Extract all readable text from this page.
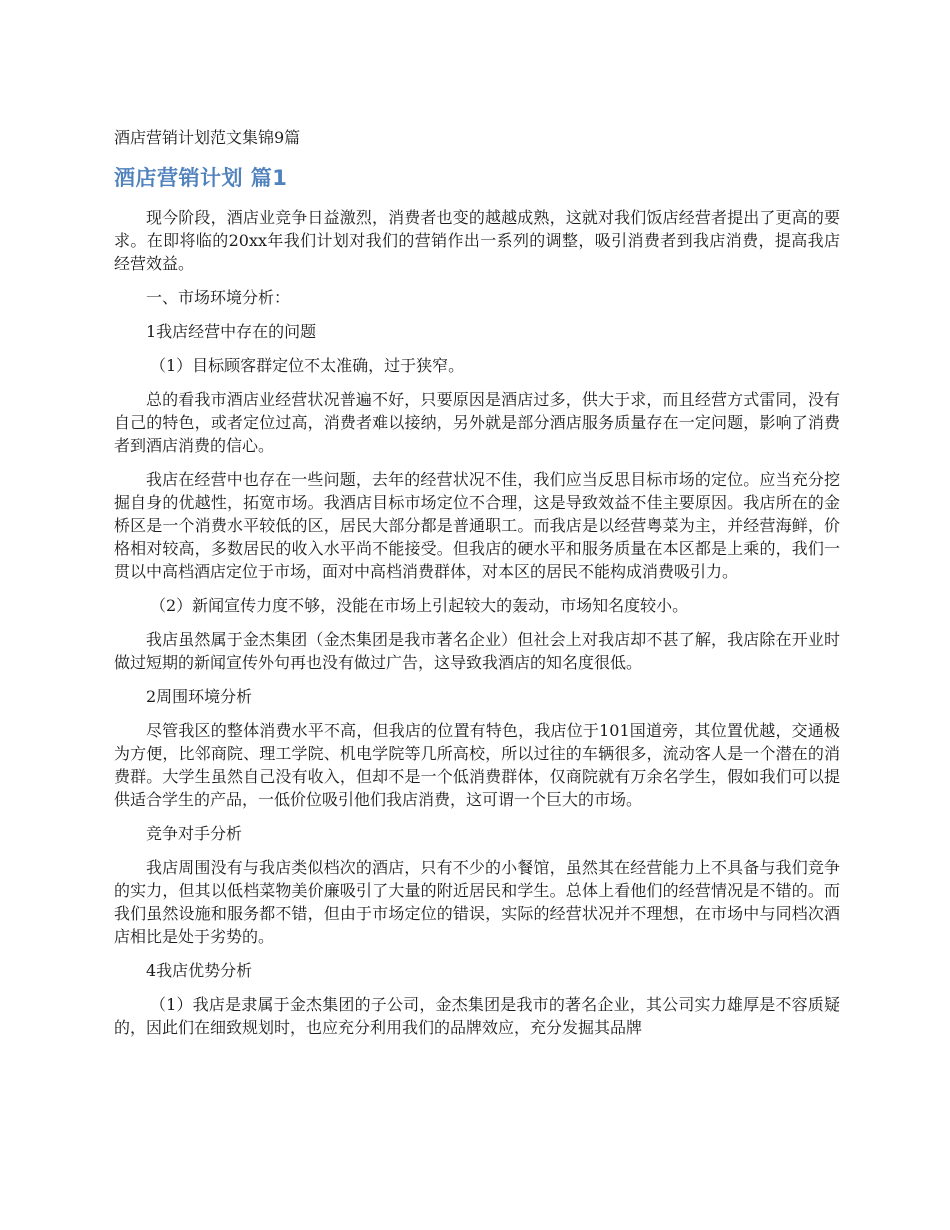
酒店营销计划范文集锦9篇
酒店营销计划 篇1

现今阶段，酒店业竞争日益激烈，消费者也变的越越成熟，这就对我们饭店经营者提出了更高的要求。在即将临的20xx年我们计划对我们的营销作出一系列的调整，吸引消费者到我店消费，提高我店经营效益。

一、市场环境分析：

1我店经营中存在的问题

（1）目标顾客群定位不太准确，过于狭窄。

总的看我市酒店业经营状况普遍不好，只要原因是酒店过多，供大于求，而且经营方式雷同，没有自己的特色，或者定位过高，消费者难以接纳，另外就是部分酒店服务质量存在一定问题，影响了消费者到酒店消费的信心。

我店在经营中也存在一些问题，去年的经营状况不佳，我们应当反思目标市场的定位。应当充分挖掘自身的优越性，拓宽市场。我酒店目标市场定位不合理，这是导致效益不佳主要原因。我店所在的金桥区是一个消费水平较低的区，居民大部分都是普通职工。而我店是以经营粤菜为主，并经营海鲜，价格相对较高，多数居民的收入水平尚不能接受。但我店的硬水平和服务质量在本区都是上乘的，我们一贯以中高档酒店定位于市场，面对中高档消费群体，对本区的居民不能构成消费吸引力。

（2）新闻宣传力度不够，没能在市场上引起较大的轰动，市场知名度较小。

我店虽然属于金杰集团（金杰集团是我市著名企业）但社会上对我店却不甚了解，我店除在开业时做过短期的新闻宣传外句再也没有做过广告，这导致我酒店的知名度很低。

2周围环境分析

尽管我区的整体消费水平不高，但我店的位置有特色，我店位于101国道旁，其位置优越，交通极为方便，比邻商院、理工学院、机电学院等几所高校，所以过往的车辆很多，流动客人是一个潜在的消费群。大学生虽然自己没有收入，但却不是一个低消费群体，仅商院就有万余名学生，假如我们可以提供适合学生的产品，一低价位吸引他们我店消费，这可谓一个巨大的市场。

竞争对手分析

我店周围没有与我店类似档次的酒店，只有不少的小餐馆，虽然其在经营能力上不具备与我们竞争的实力，但其以低档菜物美价廉吸引了大量的附近居民和学生。总体上看他们的经营情况是不错的。而我们虽然设施和服务都不错，但由于市场定位的错误，实际的经营状况并不理想，在市场中与同档次酒店相比是处于劣势的。

4我店优势分析

（1）我店是隶属于金杰集团的子公司，金杰集团是我市的著名企业，其公司实力雄厚是不容质疑的，因此们在细致规划时，也应充分利用我们的品牌效应，充分发掘其品牌
